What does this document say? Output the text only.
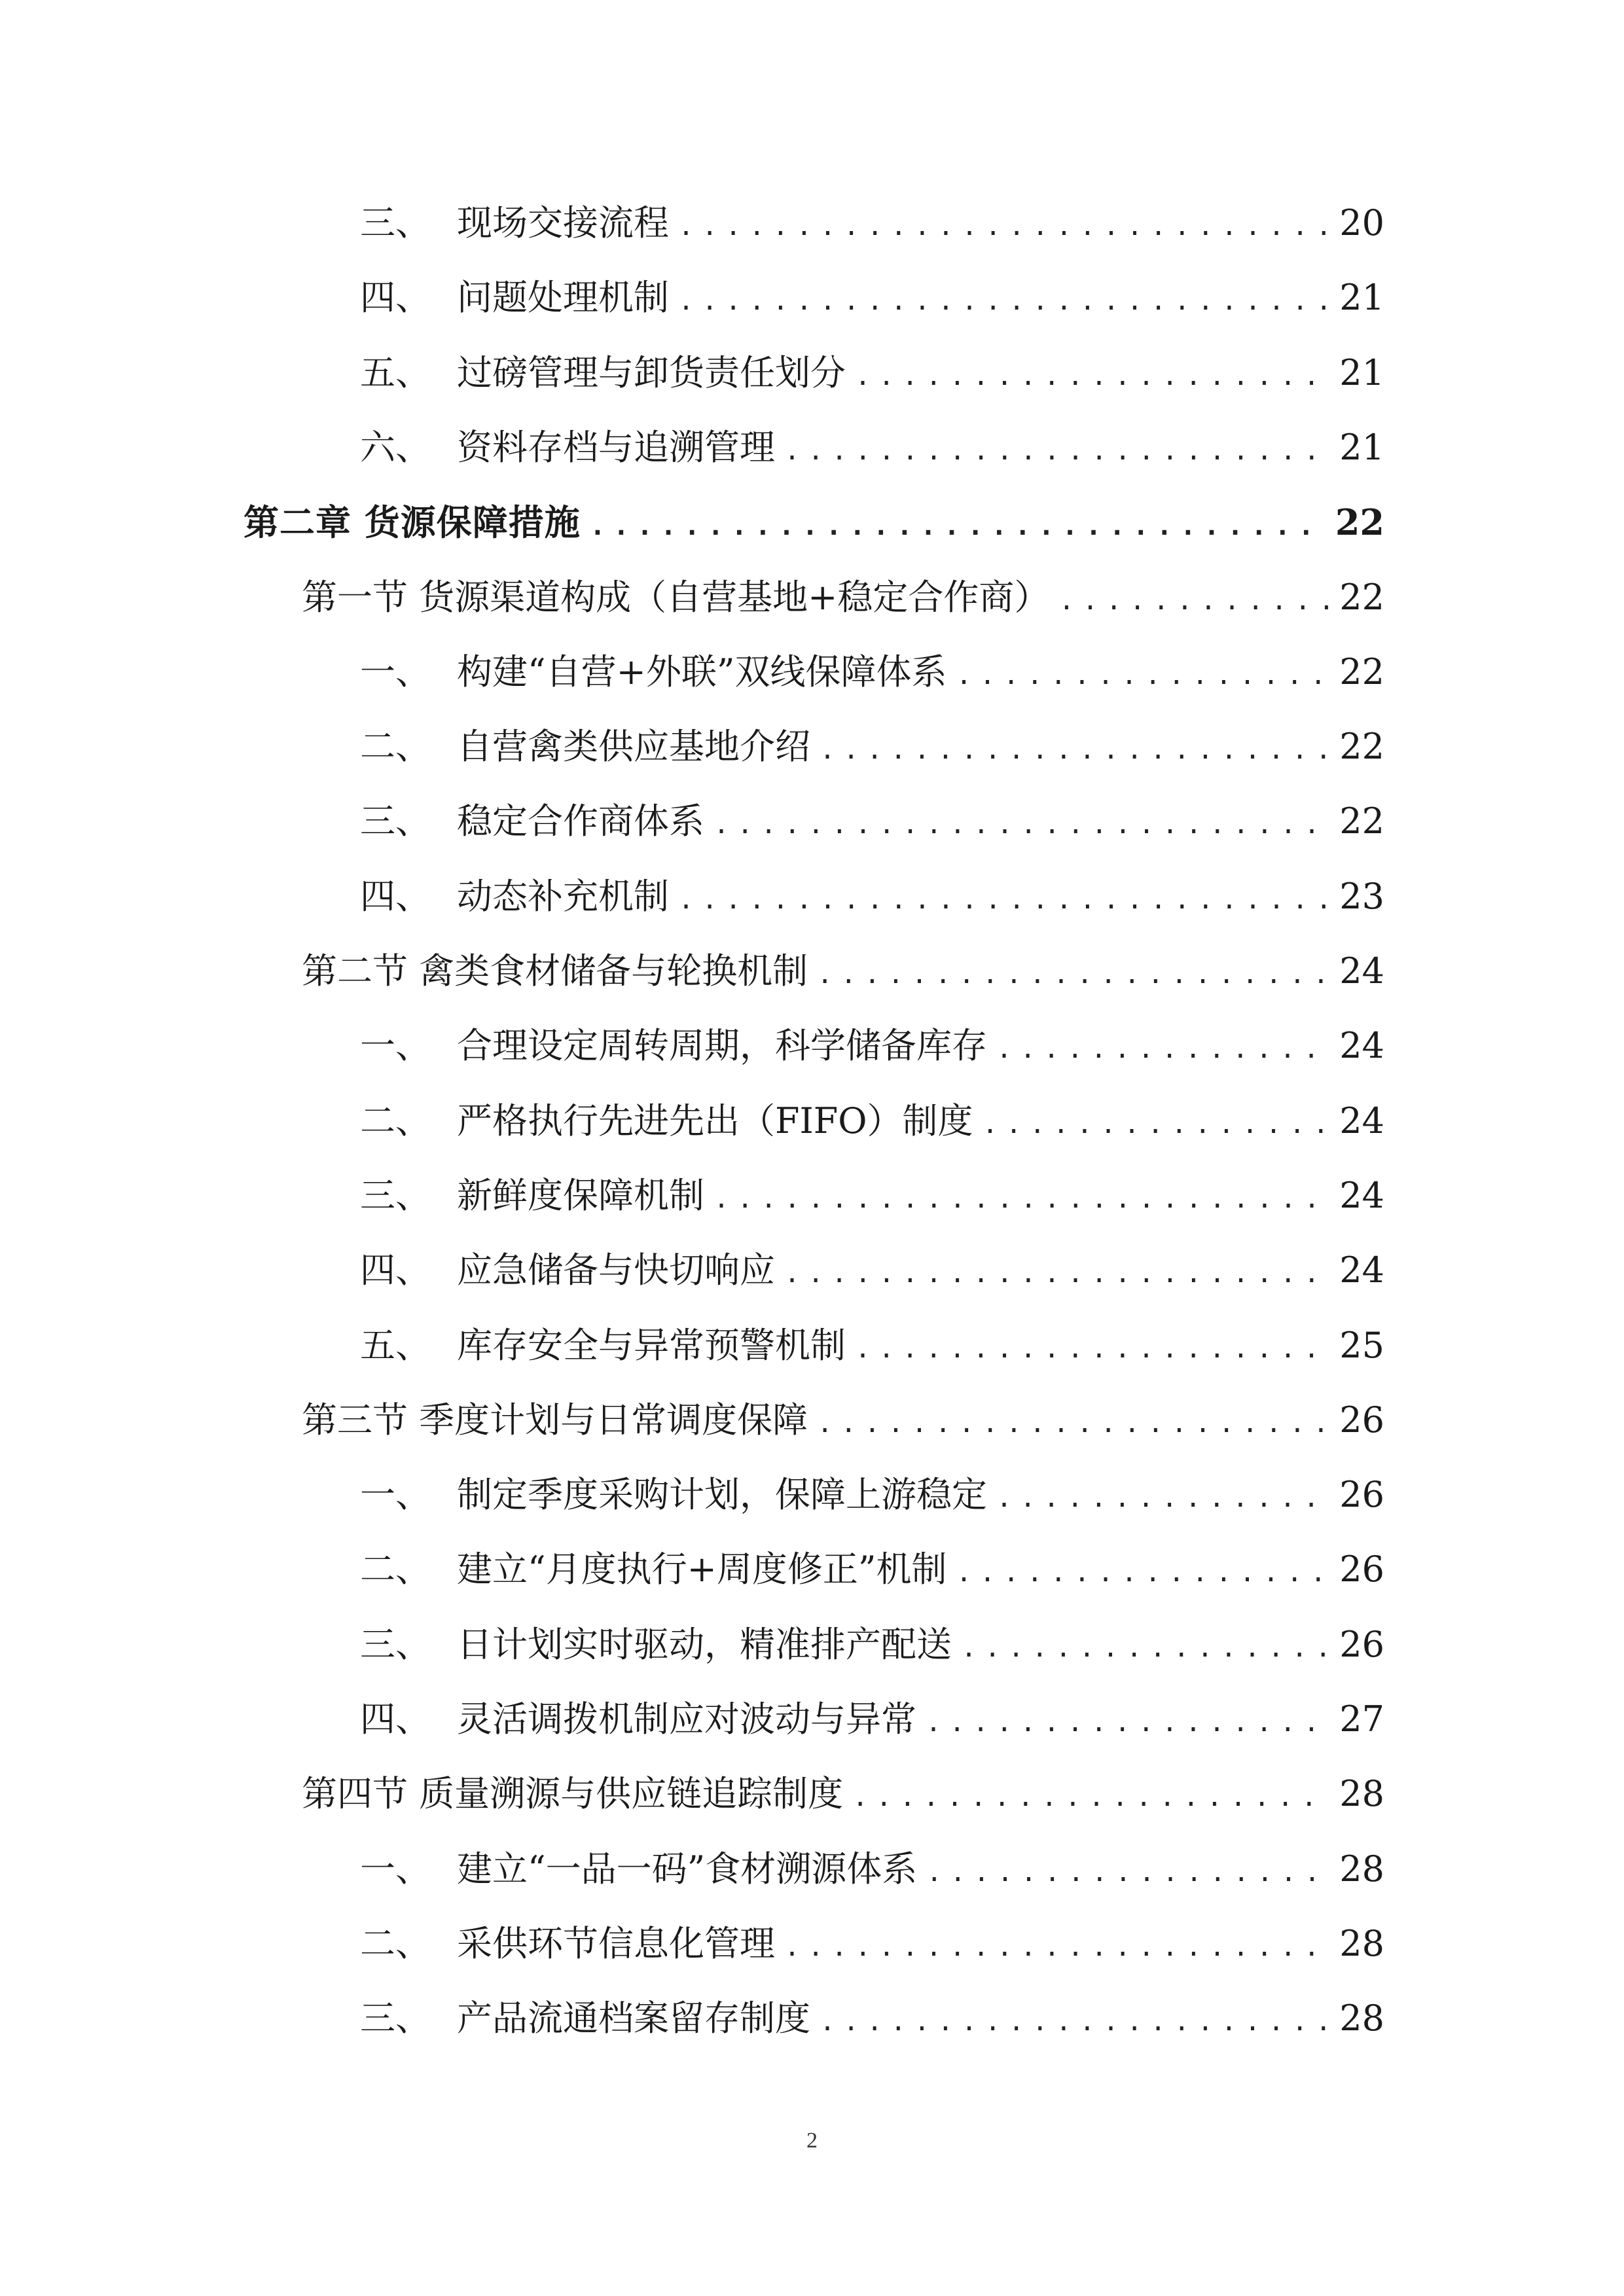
三、 现场交接流程 .....	20
四、 问题处理机制 .....	21
五、 过磅管理与卸货责任划分 .....	21
六、 资料存档与追溯管理 .....	21
第二章 货源保障措施 .....	22
第一节 货源渠道构成（自营基地+稳定合作商） .....	22
一、 构建“自营+外联”双线保障体系 .....	22
二、 自营禽类供应基地介绍 .....	22
三、 稳定合作商体系 .....	22
四、 动态补充机制 .....	23
第二节 禽类食材储备与轮换机制 .....	24
一、 合理设定周转周期，科学储备库存 .....	24
二、 严格执行先进先出（FIFO）制度 .....	24
三、 新鲜度保障机制 .....	24
四、 应急储备与快切响应 .....	24
五、 库存安全与异常预警机制 .....	25
第三节 季度计划与日常调度保障 .....	26
一、 制定季度采购计划，保障上游稳定 .....	26
二、 建立“月度执行+周度修正”机制 .....	26
三、 日计划实时驱动，精准排产配送 .....	26
四、 灵活调拨机制应对波动与异常 .....	27
第四节 质量溯源与供应链追踪制度 .....	28
一、 建立“一品一码”食材溯源体系 .....	28
二、 采供环节信息化管理 .....	28
三、 产品流通档案留存制度 .....	28
2
